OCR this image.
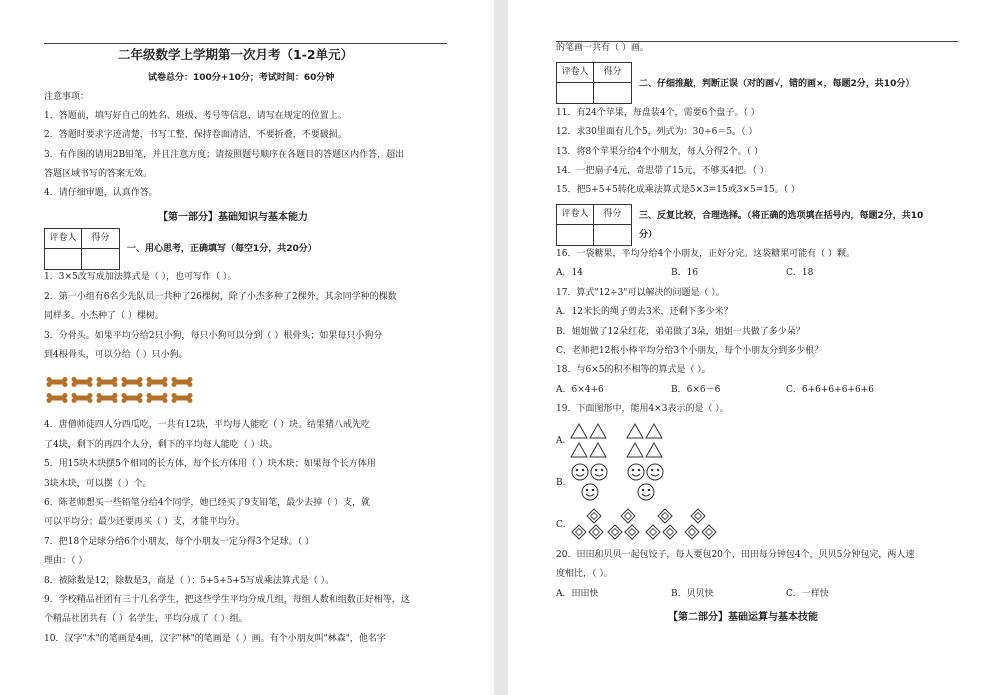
二年级数学上学期第一次月考（1-2单元）
试卷总分：100分+10分；考试时间：60分钟
注意事项：
1．答题前，填写好自己的姓名、班级、考号等信息，请写在规定的位置上。
2．答题时要求字迹清楚，书写工整，保持卷面清洁，不要折叠，不要破损。
3．有作图的请用2B铅笔，并且注意方度；请按照题号顺序在各题目的答题区内作答，超出
答题区域书写的答案无效。
4．请仔细审题，认真作答。
【第一部分】基础知识与基本能力
评卷人	得分
一、用心思考，正确填写（每空1分，共20分）
1．3×5改写成加法算式是（ ），也可写作（ ）。
2．第一小组有6名少先队员一共种了26棵树，除了小杰多种了2棵外，其余同学种的棵数
同样多。小杰种了（ ）棵树。
3．分骨头。如果平均分给2只小狗，每只小狗可以分到（ ）根骨头；如果每只小狗分
到4根骨头，可以分给（ ）只小狗。
4．唐僧师徒四人分西瓜吃，一共有12块，平均每人能吃（ ）块。结果猪八戒先吃
了4块，剩下的再四个人分，剩下的平均每人能吃（ ）块。
5．用15块木块摆5个相同的长方体，每个长方体用（ ）块木块；如果每个长方体用
3块木块，可以摆（ ）个。
6．陈老师想买一些铅笔分给4个同学，她已经买了9支铅笔，最少去掉（ ）支，就
可以平均分；最少还要再买（ ）支，才能平均分。
7．把18个足球分给6个小朋友，每个小朋友一定分得3个足球。（ ）
理由：（ ）
8．被除数是12，除数是3，商是（ ）；5+5+5+5写成乘法算式是（ ）。
9．学校精品社团有三十几名学生，把这些学生平均分成几组，每组人数和组数正好相等，这
个精品社团共有（ ）名学生，平均分成了（ ）组。
10．汉字"木"的笔画是4画，汉字"林"的笔画是（ ）画。有个小朋友叫"林森"，他名字
的笔画一共有（ ）画。
评卷人	得分
二、仔细推敲，判断正误（对的画√，错的画×，每题2分，共10分）
11．有24个苹果，每盘装4个，需要6个盘子。（ ）
12．求30里面有几个5，列式为：30÷6＝5。（ ）
13．将8个苹果分给4个小朋友，每人分得2个。（ ）
14．一把扇子4元，奇思带了15元，不够买4把。（ ）
15．把5+5+5转化成乘法算式是5×3=15或3×5=15。（ ）
评卷人	得分	三、反复比较，合理选择。（将正确的选项填在括号内，每题2分，共10
分）
16．一袋糖果，平均分给4个小朋友，正好分完。这袋糖果可能有（ ）颗。
A．14	B．16	C．18
17．算式"12÷3"可以解决的问题是（ ）。
A．12米长的绳子剪去3米，还剩下多少米？
B．姐姐做了12朵红花，弟弟做了3朵，姐姐一共做了多少朵？
C．老师把12根小棒平均分给3个小朋友，每个小朋友分到多少根？
18．与6×5的积不相等的算式是（ ）。
A．6×4+6	B．6×6－6	C．6+6+6+6+6+6
19．下面图形中，能用4×3表示的是（ ）。
A.
B.
C.
20．田田和贝贝一起包饺子，每人要包20个，田田每分钟包4个，贝贝5分钟包完，两人速
度相比，（ ）。
A．田田快	B．贝贝快	C．一样快
【第二部分】基础运算与基本技能
